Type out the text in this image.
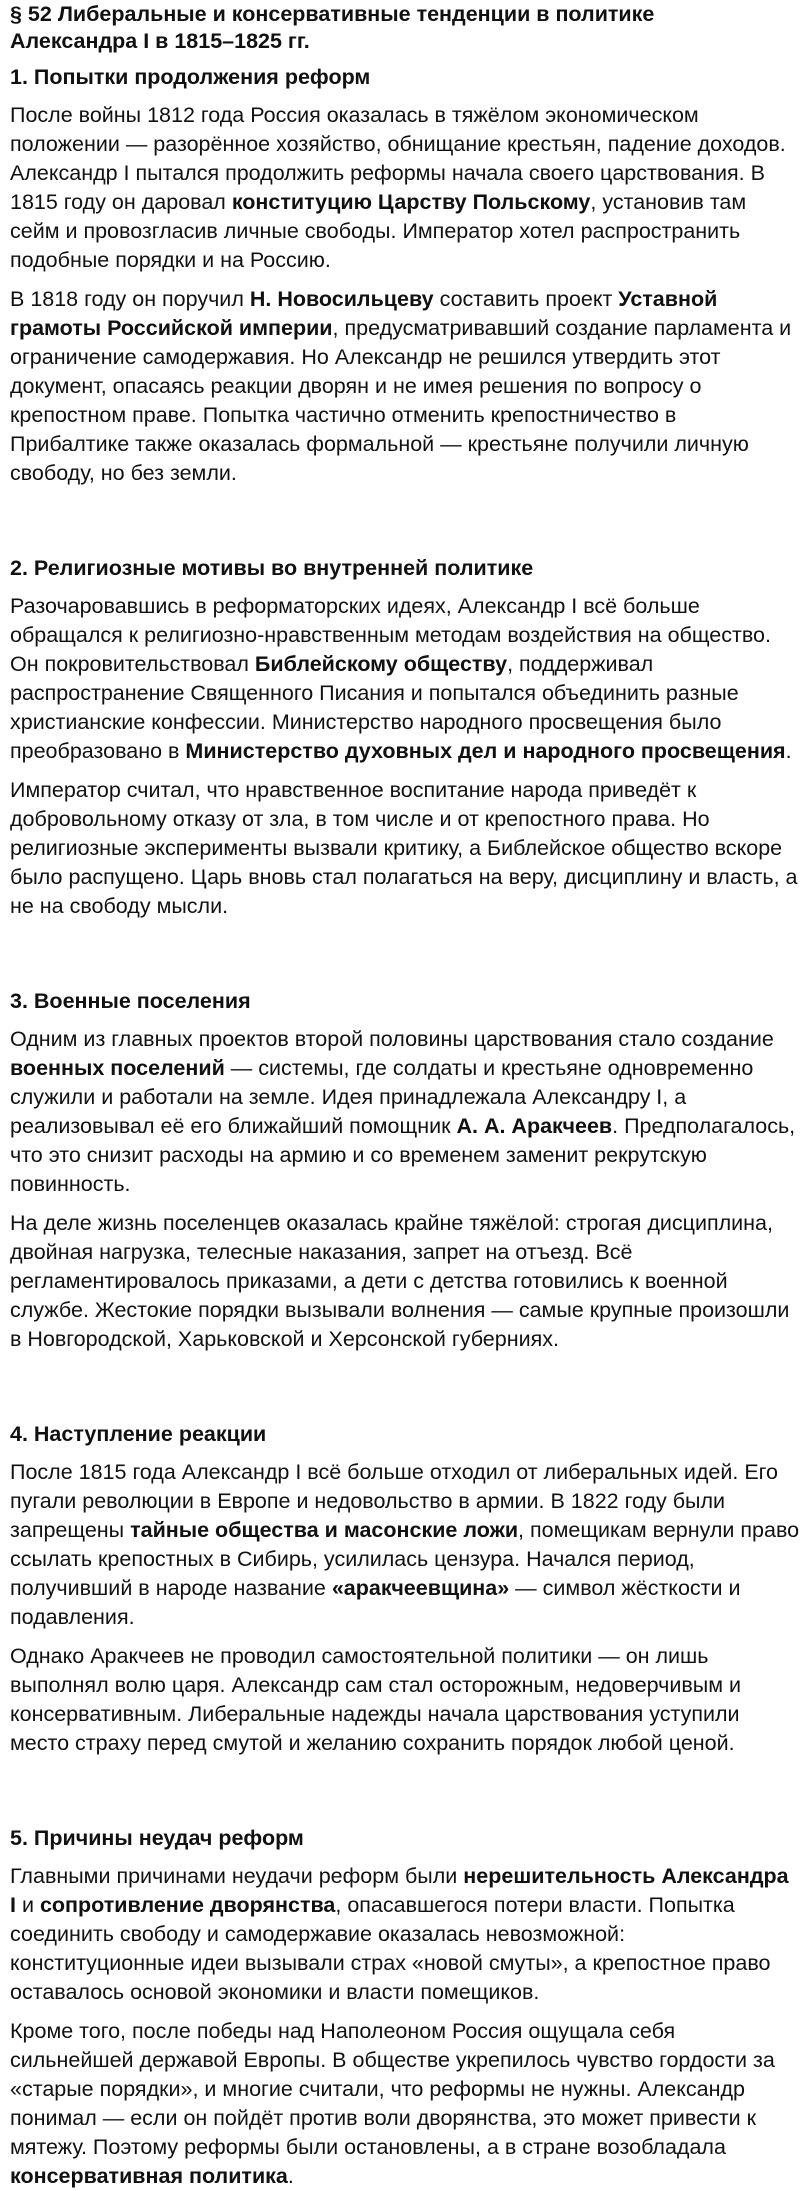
§ 52 Либеральные и консервативные тенденции в политике Александра I в 1815–1825 гг.
1. Попытки продолжения реформ

После войны 1812 года Россия оказалась в тяжёлом экономическом положении — разорённое хозяйство, обнищание крестьян, падение доходов. Александр I пытался продолжить реформы начала своего царствования. В 1815 году он даровал конституцию Царству Польскому, установив там сейм и провозгласив личные свободы. Император хотел распространить подобные порядки и на Россию.

В 1818 году он поручил Н. Новосильцеву составить проект Уставной грамоты Российской империи, предусматривавший создание парламента и ограничение самодержавия. Но Александр не решился утвердить этот документ, опасаясь реакции дворян и не имея решения по вопросу о крепостном праве. Попытка частично отменить крепостничество в Прибалтике также оказалась формальной — крестьяне получили личную свободу, но без земли.

2. Религиозные мотивы во внутренней политике

Разочаровавшись в реформаторских идеях, Александр I всё больше обращался к религиозно-нравственным методам воздействия на общество. Он покровительствовал Библейскому обществу, поддерживал распространение Священного Писания и попытался объединить разные христианские конфессии. Министерство народного просвещения было преобразовано в Министерство духовных дел и народного просвещения.

Император считал, что нравственное воспитание народа приведёт к добровольному отказу от зла, в том числе и от крепостного права. Но религиозные эксперименты вызвали критику, а Библейское общество вскоре было распущено. Царь вновь стал полагаться на веру, дисциплину и власть, а не на свободу мысли.

3. Военные поселения

Одним из главных проектов второй половины царствования стало создание военных поселений — системы, где солдаты и крестьяне одновременно служили и работали на земле. Идея принадлежала Александру I, а реализовывал её его ближайший помощник А. А. Аракчеев. Предполагалось, что это снизит расходы на армию и со временем заменит рекрутскую повинность.

На деле жизнь поселенцев оказалась крайне тяжёлой: строгая дисциплина, двойная нагрузка, телесные наказания, запрет на отъезд. Всё регламентировалось приказами, а дети с детства готовились к военной службе. Жестокие порядки вызывали волнения — самые крупные произошли в Новгородской, Харьковской и Херсонской губерниях.

4. Наступление реакции

После 1815 года Александр I всё больше отходил от либеральных идей. Его пугали революции в Европе и недовольство в армии. В 1822 году были запрещены тайные общества и масонские ложи, помещикам вернули право ссылать крепостных в Сибирь, усилилась цензура. Начался период, получивший в народе название «аракчеевщина» — символ жёсткости и подавления.

Однако Аракчеев не проводил самостоятельной политики — он лишь выполнял волю царя. Александр сам стал осторожным, недоверчивым и консервативным. Либеральные надежды начала царствования уступили место страху перед смутой и желанию сохранить порядок любой ценой.

5. Причины неудач реформ

Главными причинами неудачи реформ были нерешительность Александра I и сопротивление дворянства, опасавшегося потери власти. Попытка соединить свободу и самодержавие оказалась невозможной: конституционные идеи вызывали страх «новой смуты», а крепостное право оставалось основой экономики и власти помещиков.

Кроме того, после победы над Наполеоном Россия ощущала себя сильнейшей державой Европы. В обществе укрепилось чувство гордости за «старые порядки», и многие считали, что реформы не нужны. Александр понимал — если он пойдёт против воли дворянства, это может привести к мятежу. Поэтому реформы были остановлены, а в стране возобладала консервативная политика.
